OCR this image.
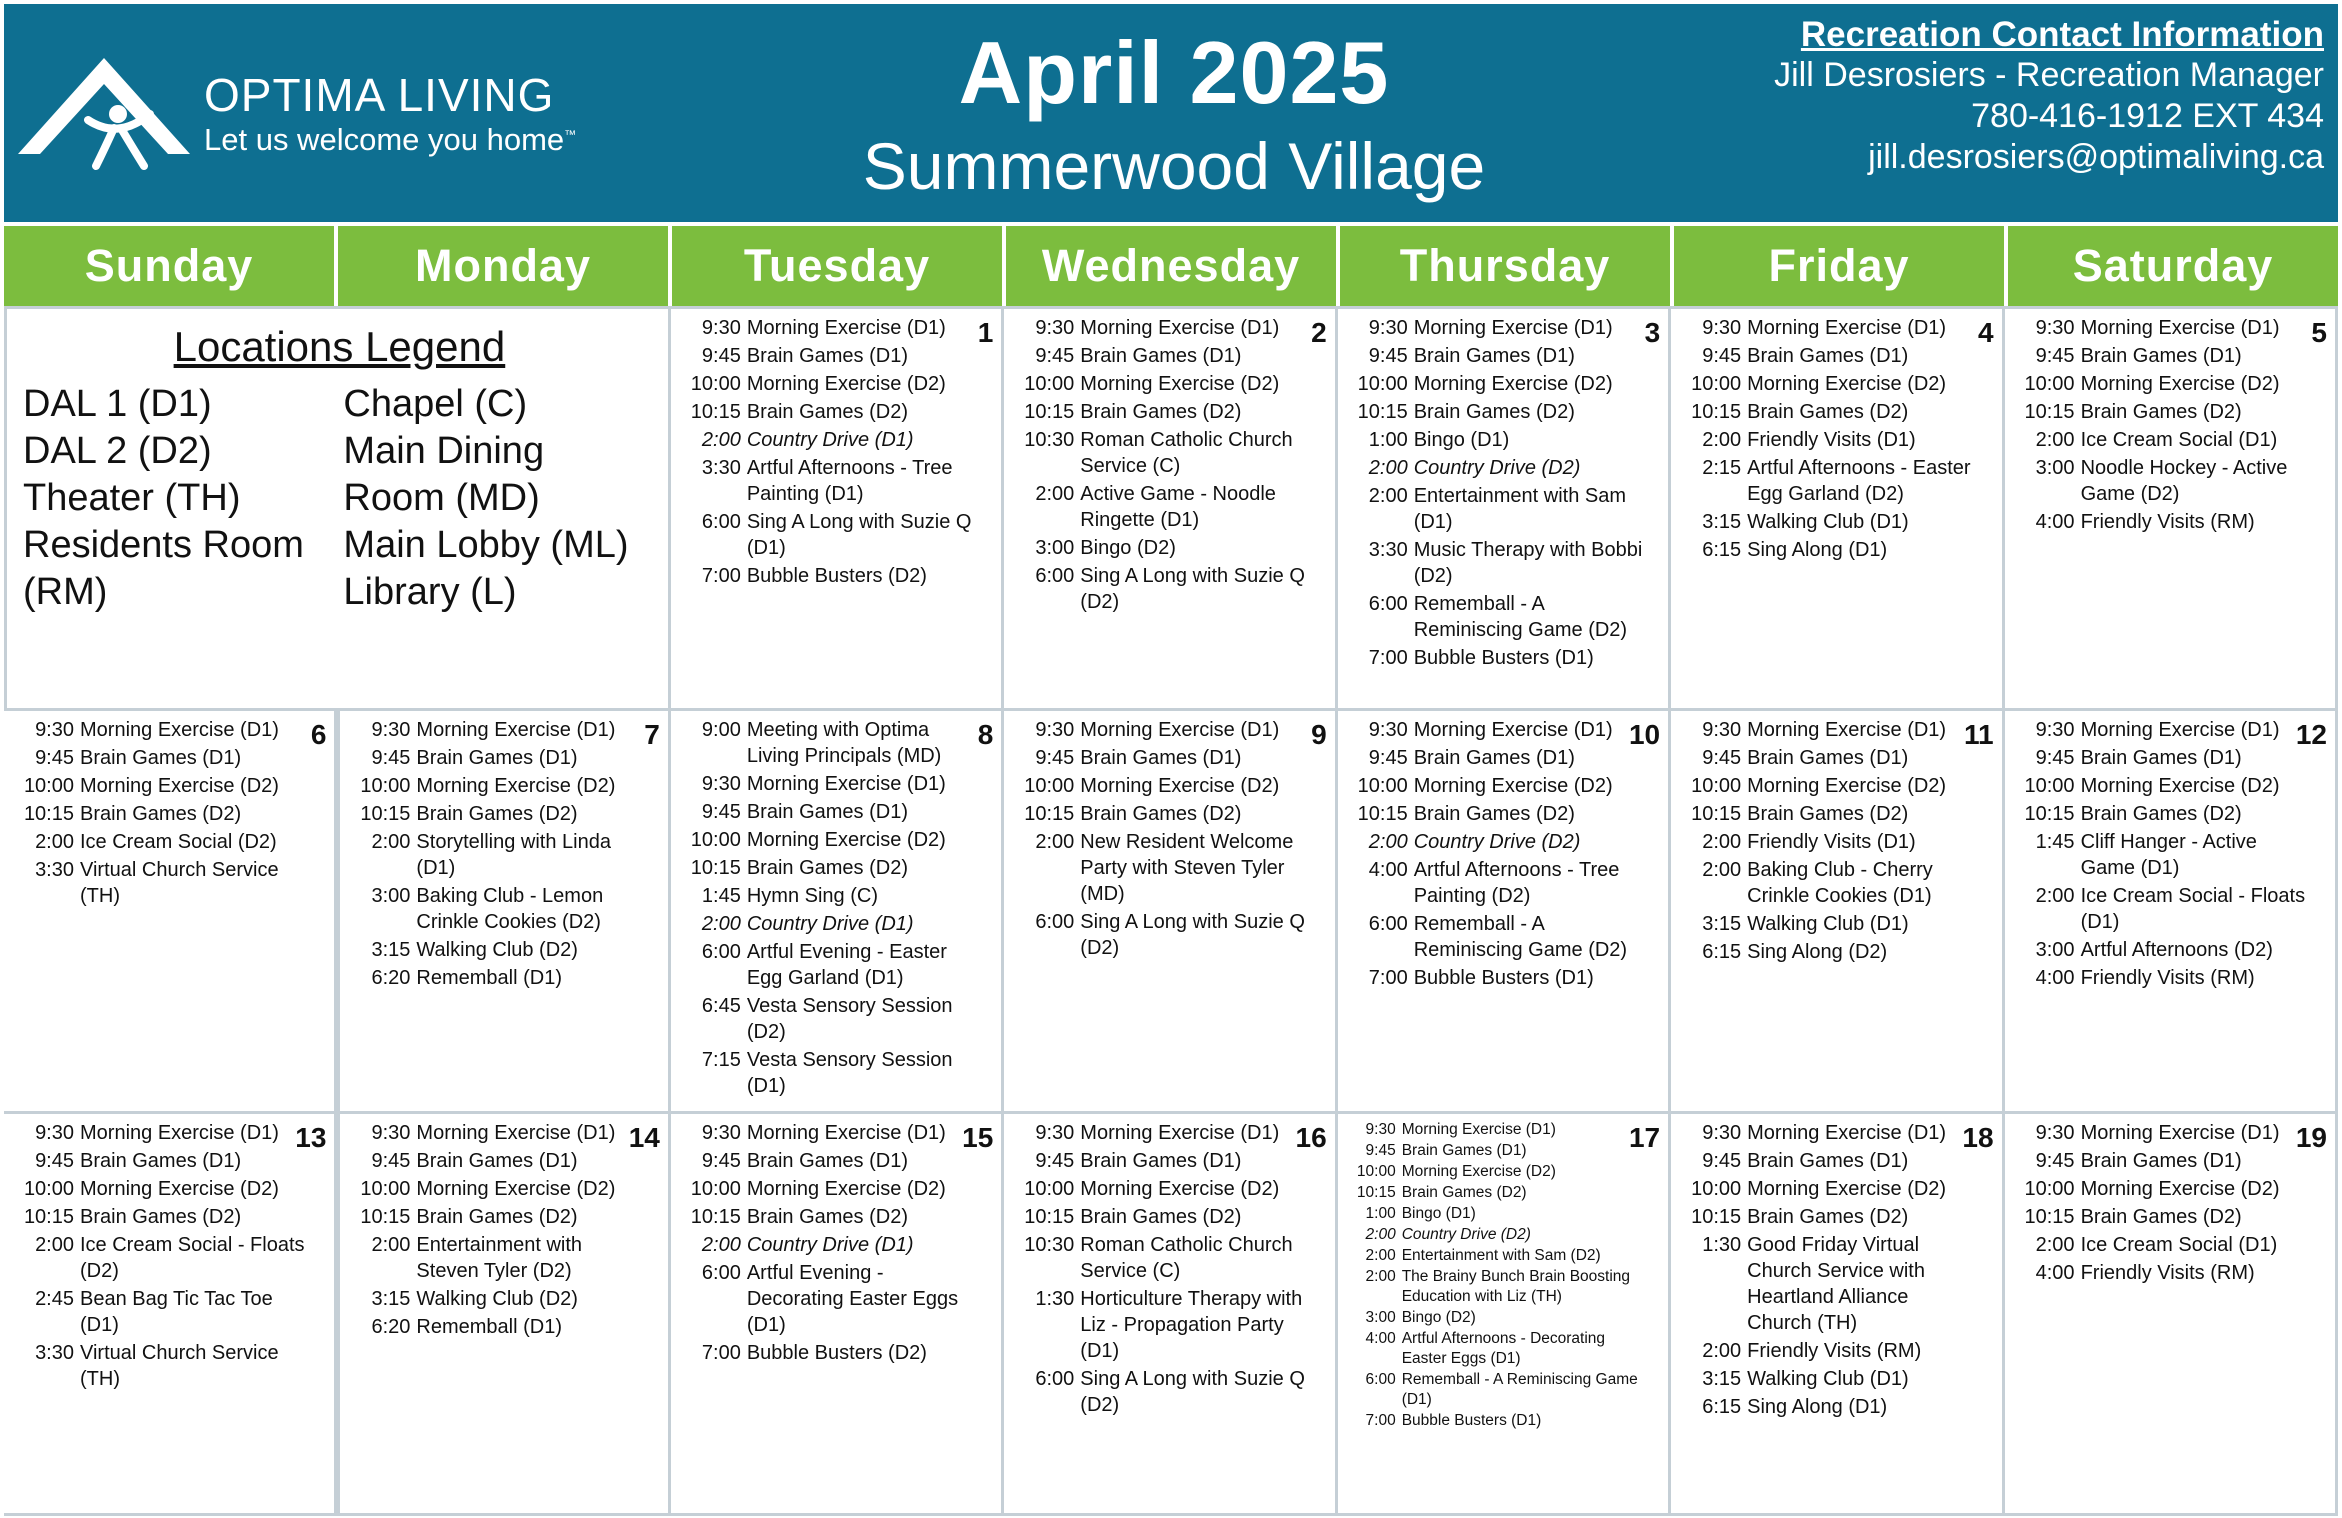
OPTIMA LIVING
Let us welcome you home™
April 2025
Summerwood Village
Recreation Contact Information
Jill Desrosiers - Recreation Manager
780-416-1912 EXT 434
jill.desrosiers@optimaliving.ca
Sunday	Monday	Tuesday	Wednesday	Thursday	Friday	Saturday
Locations Legend
DAL 1 (D1)
DAL 2 (D2)
Theater (TH)
Residents Room
(RM)
Chapel (C)
Main Dining
Room (MD)
Main Lobby (ML)
Library (L)
1
9:30 Morning Exercise (D1)
9:45 Brain Games (D1)
10:00 Morning Exercise (D2)
10:15 Brain Games (D2)
2:00 Country Drive (D1)
3:30 Artful Afternoons - Tree Painting (D1)
6:00 Sing A Long with Suzie Q (D1)
7:00 Bubble Busters (D2)
2
9:30 Morning Exercise (D1)
9:45 Brain Games (D1)
10:00 Morning Exercise (D2)
10:15 Brain Games (D2)
10:30 Roman Catholic Church Service (C)
2:00 Active Game - Noodle Ringette (D1)
3:00 Bingo (D2)
6:00 Sing A Long with Suzie Q (D2)
3
9:30 Morning Exercise (D1)
9:45 Brain Games (D1)
10:00 Morning Exercise (D2)
10:15 Brain Games (D2)
1:00 Bingo (D1)
2:00 Country Drive (D2)
2:00 Entertainment with Sam (D1)
3:30 Music Therapy with Bobbi (D2)
6:00 Rememball - A Reminiscing Game (D2)
7:00 Bubble Busters (D1)
4
9:30 Morning Exercise (D1)
9:45 Brain Games (D1)
10:00 Morning Exercise (D2)
10:15 Brain Games (D2)
2:00 Friendly Visits (D1)
2:15 Artful Afternoons - Easter Egg Garland (D2)
3:15 Walking Club (D1)
6:15 Sing Along (D1)
5
9:30 Morning Exercise (D1)
9:45 Brain Games (D1)
10:00 Morning Exercise (D2)
10:15 Brain Games (D2)
2:00 Ice Cream Social (D1)
3:00 Noodle Hockey - Active Game (D2)
4:00 Friendly Visits (RM)
6
9:30 Morning Exercise (D1)
9:45 Brain Games (D1)
10:00 Morning Exercise (D2)
10:15 Brain Games (D2)
2:00 Ice Cream Social (D2)
3:30 Virtual Church Service (TH)
7
9:30 Morning Exercise (D1)
9:45 Brain Games (D1)
10:00 Morning Exercise (D2)
10:15 Brain Games (D2)
2:00 Storytelling with Linda (D1)
3:00 Baking Club - Lemon Crinkle Cookies (D2)
3:15 Walking Club (D2)
6:20 Rememball (D1)
8
9:00 Meeting with Optima Living Principals (MD)
9:30 Morning Exercise (D1)
9:45 Brain Games (D1)
10:00 Morning Exercise (D2)
10:15 Brain Games (D2)
1:45 Hymn Sing (C)
2:00 Country Drive (D1)
6:00 Artful Evening - Easter Egg Garland (D1)
6:45 Vesta Sensory Session (D2)
7:15 Vesta Sensory Session (D1)
9
9:30 Morning Exercise (D1)
9:45 Brain Games (D1)
10:00 Morning Exercise (D2)
10:15 Brain Games (D2)
2:00 New Resident Welcome Party with Steven Tyler (MD)
6:00 Sing A Long with Suzie Q (D2)
10
9:30 Morning Exercise (D1)
9:45 Brain Games (D1)
10:00 Morning Exercise (D2)
10:15 Brain Games (D2)
2:00 Country Drive (D2)
4:00 Artful Afternoons - Tree Painting (D2)
6:00 Rememball - A Reminiscing Game (D2)
7:00 Bubble Busters (D1)
11
9:30 Morning Exercise (D1)
9:45 Brain Games (D1)
10:00 Morning Exercise (D2)
10:15 Brain Games (D2)
2:00 Friendly Visits (D1)
2:00 Baking Club - Cherry Crinkle Cookies (D1)
3:15 Walking Club (D1)
6:15 Sing Along (D2)
12
9:30 Morning Exercise (D1)
9:45 Brain Games (D1)
10:00 Morning Exercise (D2)
10:15 Brain Games (D2)
1:45 Cliff Hanger - Active Game (D1)
2:00 Ice Cream Social - Floats (D1)
3:00 Artful Afternoons (D2)
4:00 Friendly Visits (RM)
13
9:30 Morning Exercise (D1)
9:45 Brain Games (D1)
10:00 Morning Exercise (D2)
10:15 Brain Games (D2)
2:00 Ice Cream Social - Floats (D2)
2:45 Bean Bag Tic Tac Toe (D1)
3:30 Virtual Church Service (TH)
14
9:30 Morning Exercise (D1)
9:45 Brain Games (D1)
10:00 Morning Exercise (D2)
10:15 Brain Games (D2)
2:00 Entertainment with Steven Tyler (D2)
3:15 Walking Club (D2)
6:20 Rememball (D1)
15
9:30 Morning Exercise (D1)
9:45 Brain Games (D1)
10:00 Morning Exercise (D2)
10:15 Brain Games (D2)
2:00 Country Drive (D1)
6:00 Artful Evening - Decorating Easter Eggs (D1)
7:00 Bubble Busters (D2)
16
9:30 Morning Exercise (D1)
9:45 Brain Games (D1)
10:00 Morning Exercise (D2)
10:15 Brain Games (D2)
10:30 Roman Catholic Church Service (C)
1:30 Horticulture Therapy with Liz - Propagation Party (D1)
6:00 Sing A Long with Suzie Q (D2)
17
9:30 Morning Exercise (D1)
9:45 Brain Games (D1)
10:00 Morning Exercise (D2)
10:15 Brain Games (D2)
1:00 Bingo (D1)
2:00 Country Drive (D2)
2:00 Entertainment with Sam (D2)
2:00 The Brainy Bunch Brain Boosting Education with Liz (TH)
3:00 Bingo (D2)
4:00 Artful Afternoons - Decorating Easter Eggs (D1)
6:00 Rememball - A Reminiscing Game (D1)
7:00 Bubble Busters (D1)
18
9:30 Morning Exercise (D1)
9:45 Brain Games (D1)
10:00 Morning Exercise (D2)
10:15 Brain Games (D2)
1:30 Good Friday Virtual Church Service with Heartland Alliance Church (TH)
2:00 Friendly Visits (RM)
3:15 Walking Club (D1)
6:15 Sing Along (D1)
19
9:30 Morning Exercise (D1)
9:45 Brain Games (D1)
10:00 Morning Exercise (D2)
10:15 Brain Games (D2)
2:00 Ice Cream Social (D1)
4:00 Friendly Visits (RM)
